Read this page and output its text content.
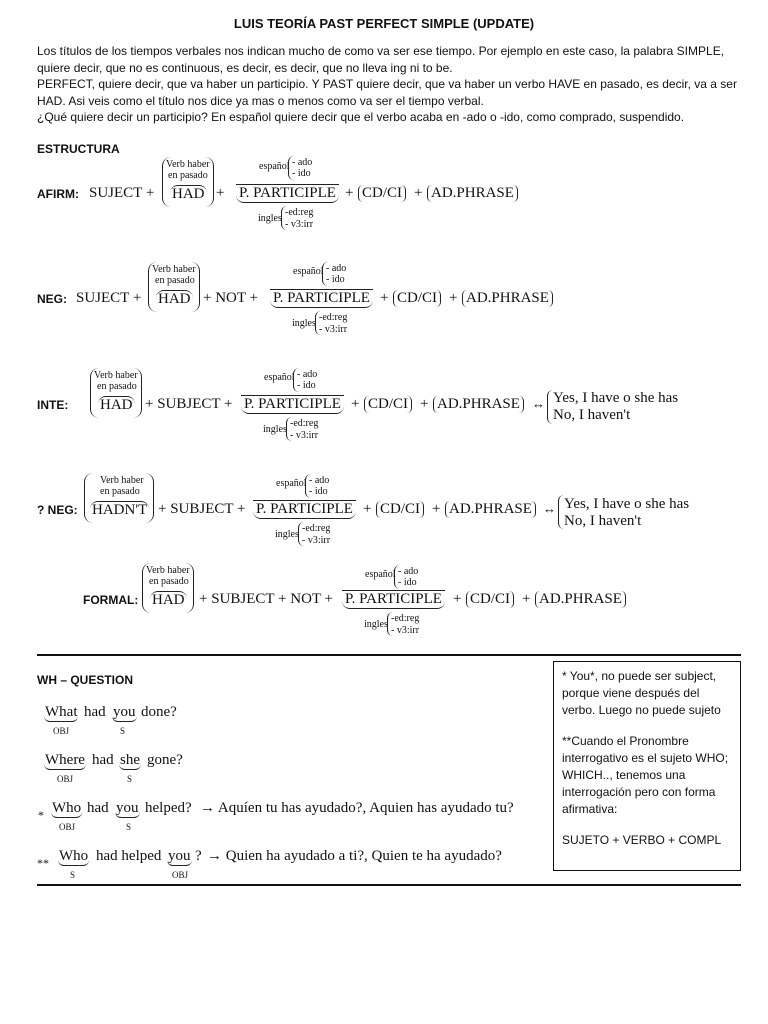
LUIS TEORÍA PAST PERFECT SIMPLE (UPDATE)

Los títulos de los tiempos verbales nos indican mucho de como va ser ese tiempo. Por ejemplo en este caso, la palabra SIMPLE, quiere decir, que no es continuous, es decir, es decir, que no lleva ing ni to be.

PERFECT, quiere decir, que va haber un participio. Y PAST quiere decir, que va haber un verbo HAVE en pasado, es decir, va a ser HAD. Asi veis como el título nos dice ya mas o menos como va ser el tiempo verbal.

¿Qué quiere decir un participio? En español quiere decir que el verbo acaba en -ado o -ido, como comprado, suspendido.

ESTRUCTURA
AFIRM: SUJECT +
Verb haber
en pasado
HAD +
español - ado
- ido
P. PARTICIPLE
ingles
-ed:reg
- v3:irr
+ CD/CI + AD.PHRASE
NEG: SUJECT +
Verb haber
en pasado
HAD + NOT +
español - ado
- ido
P. PARTICIPLE
ingles
-ed:reg
- v3:irr
+ CD/CI + AD.PHRASE
INTE:
Verb haber
en pasado
HAD + SUBJECT +
español - ado
- ido
P. PARTICIPLE
ingles
-ed:reg
- v3:irr
+ CD/CI + AD.PHRASE ↔ Yes, I have o she has
No, I haven't
? NEG:
Verb haber
en pasado
HADN'T + SUBJECT +
español - ado
- ido
P. PARTICIPLE
ingles
-ed:reg
- v3:irr
+ CD/CI + AD.PHRASE ↔ Yes, I have o she has
No, I haven't
FORMAL:
Verb haber
en pasado
HAD + SUBJECT + NOT +
español - ado
- ido
P. PARTICIPLE
ingles
-ed:reg
- v3:irr
+ CD/CI + AD.PHRASE
WH – QUESTION
What had you done?
OBJ	S
Where had she gone?
OBJ	S
* Who had you helped? → Aquíen tu has ayudado?, Aquien has ayudado tu?
OBJ	S
** Who had helped you ? → Quien ha ayudado a ti?, Quien te ha ayudado?
S	OBJ

* You*, no puede ser subject, porque viene después del verbo. Luego no puede sujeto

**Cuando el Pronombre interrogativo es el sujeto WHO; WHICH.., tenemos una interrogación pero con forma afirmativa:

SUJETO + VERBO + COMPL
